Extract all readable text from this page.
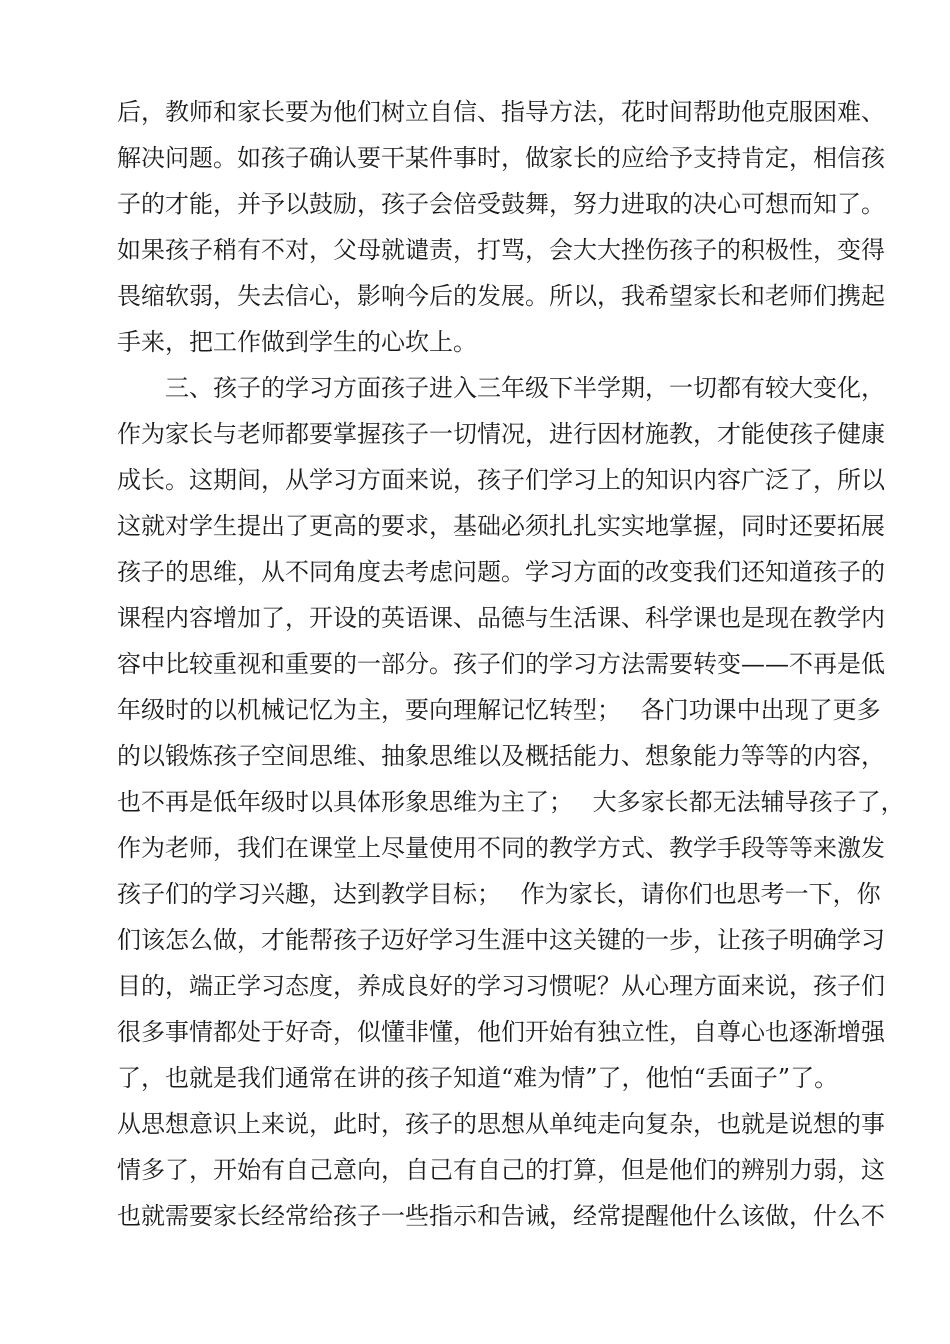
后，教师和家长要为他们树立自信、指导方法，花时间帮助他克服困难、
解决问题。如孩子确认要干某件事时，做家长的应给予支持肯定，相信孩
子的才能，并予以鼓励，孩子会倍受鼓舞，努力进取的决心可想而知了。
如果孩子稍有不对，父母就谴责，打骂，会大大挫伤孩子的积极性，变得
畏缩软弱，失去信心，影响今后的发展。所以，我希望家长和老师们携起
手来，把工作做到学生的心坎上。
　　三、孩子的学习方面孩子进入三年级下半学期，一切都有较大变化，
作为家长与老师都要掌握孩子一切情况，进行因材施教，才能使孩子健康
成长。这期间，从学习方面来说，孩子们学习上的知识内容广泛了，所以
这就对学生提出了更高的要求，基础必须扎扎实实地掌握，同时还要拓展
孩子的思维，从不同角度去考虑问题。学习方面的改变我们还知道孩子的
课程内容增加了，开设的英语课、品德与生活课、科学课也是现在教学内
容中比较重视和重要的一部分。孩子们的学习方法需要转变——不再是低
年级时的以机械记忆为主，要向理解记忆转型；　 各门功课中出现了更多
的以锻炼孩子空间思维、抽象思维以及概括能力、想象能力等等的内容，
也不再是低年级时以具体形象思维为主了；　 大多家长都无法辅导孩子了，
作为老师，我们在课堂上尽量使用不同的教学方式、教学手段等等来激发
孩子们的学习兴趣，达到教学目标；　 作为家长，请你们也思考一下，你
们该怎么做，才能帮孩子迈好学习生涯中这关键的一步，让孩子明确学习
目的，端正学习态度，养成良好的学习习惯呢？从心理方面来说，孩子们
很多事情都处于好奇，似懂非懂，他们开始有独立性，自尊心也逐渐增强
了，也就是我们通常在讲的孩子知道“难为情”了，他怕“丢面子”了。
从思想意识上来说，此时，孩子的思想从单纯走向复杂，也就是说想的事
情多了，开始有自己意向，自己有自己的打算，但是他们的辨别力弱，这
也就需要家长经常给孩子一些指示和告诫，经常提醒他什么该做，什么不
